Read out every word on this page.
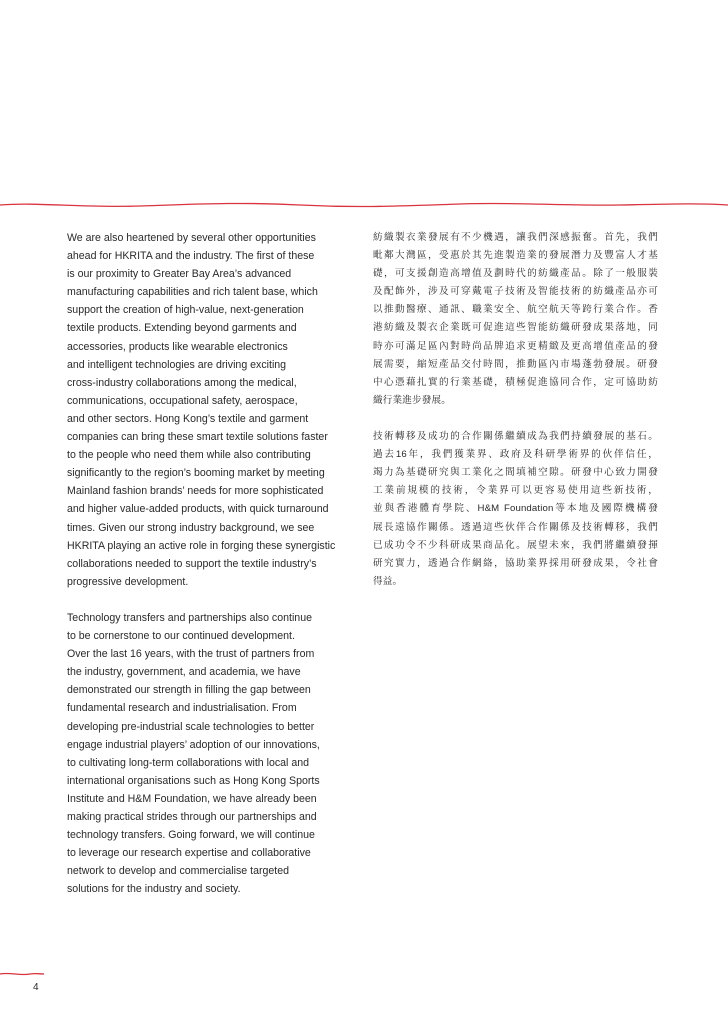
We are also heartened by several other opportunities
ahead for HKRITA and the industry. The first of these
is our proximity to Greater Bay Area’s advanced
manufacturing capabilities and rich talent base, which
support the creation of high-value, next-generation
textile products. Extending beyond garments and
accessories, products like wearable electronics
and intelligent technologies are driving exciting
cross-industry collaborations among the medical,
communications, occupational safety, aerospace,
and other sectors. Hong Kong’s textile and garment
companies can bring these smart textile solutions faster
to the people who need them while also contributing
significantly to the region’s booming market by meeting
Mainland fashion brands’ needs for more sophisticated
and higher value-added products, with quick turnaround
times. Given our strong industry background, we see
HKRITA playing an active role in forging these synergistic
collaborations needed to support the textile industry’s
progressive development.
Technology transfers and partnerships also continue
to be cornerstone to our continued development.
Over the last 16 years, with the trust of partners from
the industry, government, and academia, we have
demonstrated our strength in filling the gap between
fundamental research and industrialisation. From
developing pre-industrial scale technologies to better
engage industrial players’ adoption of our innovations,
to cultivating long-term collaborations with local and
international organisations such as Hong Kong Sports
Institute and H&M Foundation, we have already been
making practical strides through our partnerships and
technology transfers. Going forward, we will continue
to leverage our research expertise and collaborative
network to develop and commercialise targeted
solutions for the industry and society.
紡織製衣業發展有不少機遇，讓我們深感振奮。首先，我們
毗鄰大灣區，受惠於其先進製造業的發展潛力及豐富人才基
礎，可支援創造高增值及劃時代的紡織產品。除了一般服裝
及配飾外，涉及可穿戴電子技術及智能技術的紡織產品亦可
以推動醫療、通訊、職業安全、航空航天等跨行業合作。香
港紡織及製衣企業既可促進這些智能紡織研發成果落地，同
時亦可滿足區內對時尚品牌追求更精緻及更高增值產品的發
展需要，縮短產品交付時間，推動區內市場蓬勃發展。研發
中心憑藉扎實的行業基礎，積極促進協同合作，定可協助紡
織行業進步發展。
技術轉移及成功的合作關係繼續成為我們持續發展的基石。
過去16年，我們獲業界、政府及科研學術界的伙伴信任，
竭力為基礎研究與工業化之間填補空隙。研發中心致力開發
工業前規模的技術，令業界可以更容易使用這些新技術，
並與香港體育學院、H&M Foundation等本地及國際機構發
展長遠協作關係。透過這些伙伴合作關係及技術轉移，我們
已成功令不少科研成果商品化。展望未來，我們將繼續發揮
研究實力，透過合作網絡，協助業界採用研發成果，令社會
得益。
4
